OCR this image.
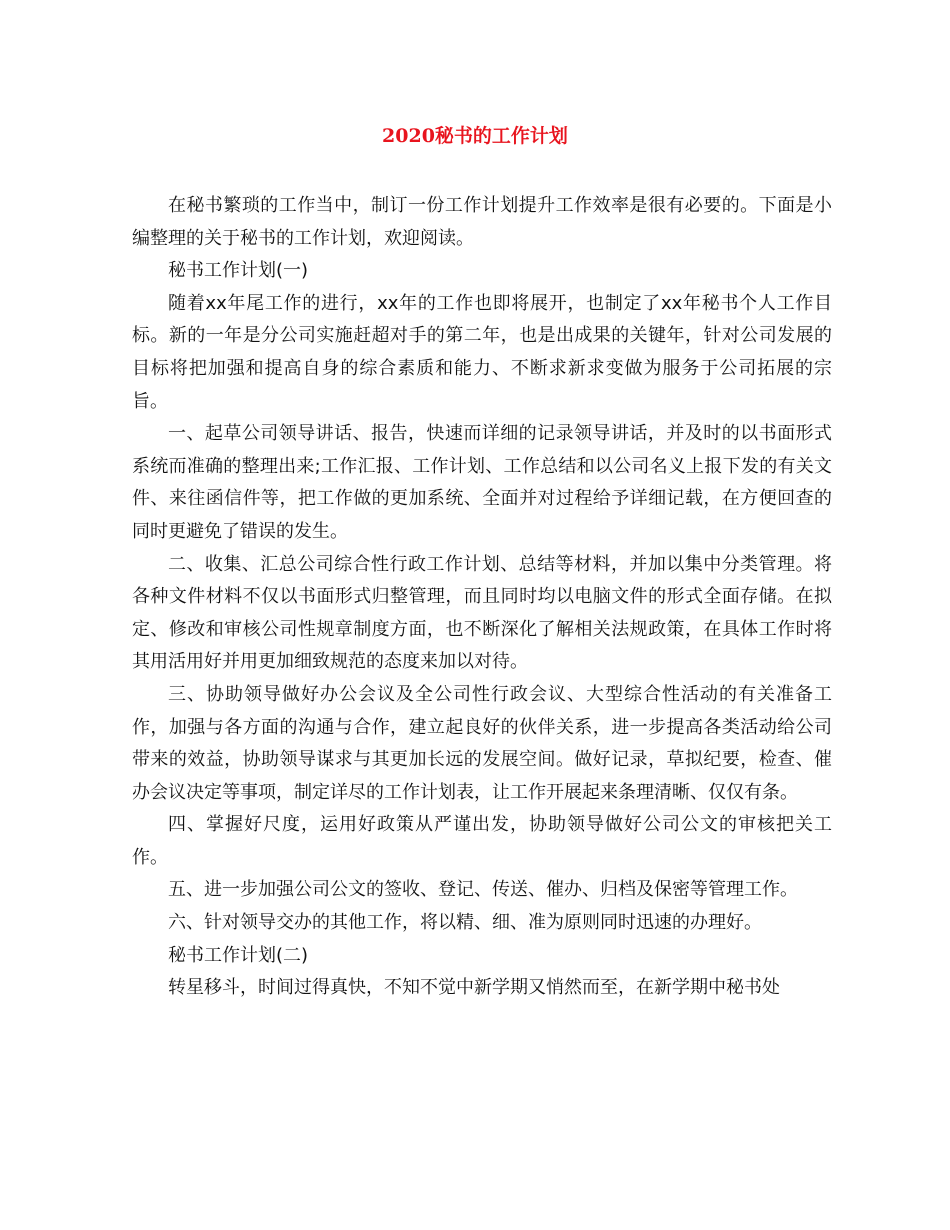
2020秘书的工作计划

在秘书繁琐的工作当中，制订一份工作计划提升工作效率是很有必要的。下面是小编整理的关于秘书的工作计划，欢迎阅读。

秘书工作计划(一)

随着xx年尾工作的进行，xx年的工作也即将展开，也制定了xx年秘书个人工作目标。新的一年是分公司实施赶超对手的第二年，也是出成果的关键年，针对公司发展的目标将把加强和提高自身的综合素质和能力、不断求新求变做为服务于公司拓展的宗旨。

一、起草公司领导讲话、报告，快速而详细的记录领导讲话，并及时的以书面形式系统而准确的整理出来;工作汇报、工作计划、工作总结和以公司名义上报下发的有关文件、来往函信件等，把工作做的更加系统、全面并对过程给予详细记载，在方便回查的同时更避免了错误的发生。

二、收集、汇总公司综合性行政工作计划、总结等材料，并加以集中分类管理。将各种文件材料不仅以书面形式归整管理，而且同时均以电脑文件的形式全面存储。在拟定、修改和审核公司性规章制度方面，也不断深化了解相关法规政策，在具体工作时将其用活用好并用更加细致规范的态度来加以对待。

三、协助领导做好办公会议及全公司性行政会议、大型综合性活动的有关准备工作，加强与各方面的沟通与合作，建立起良好的伙伴关系，进一步提高各类活动给公司带来的效益，协助领导谋求与其更加长远的发展空间。做好记录，草拟纪要，检查、催办会议决定等事项，制定详尽的工作计划表，让工作开展起来条理清晰、仅仅有条。

四、掌握好尺度，运用好政策从严谨出发，协助领导做好公司公文的审核把关工作。

五、进一步加强公司公文的签收、登记、传送、催办、归档及保密等管理工作。

六、针对领导交办的其他工作，将以精、细、准为原则同时迅速的办理好。

秘书工作计划(二)

转星移斗，时间过得真快，不知不觉中新学期又悄然而至，在新学期中秘书处
